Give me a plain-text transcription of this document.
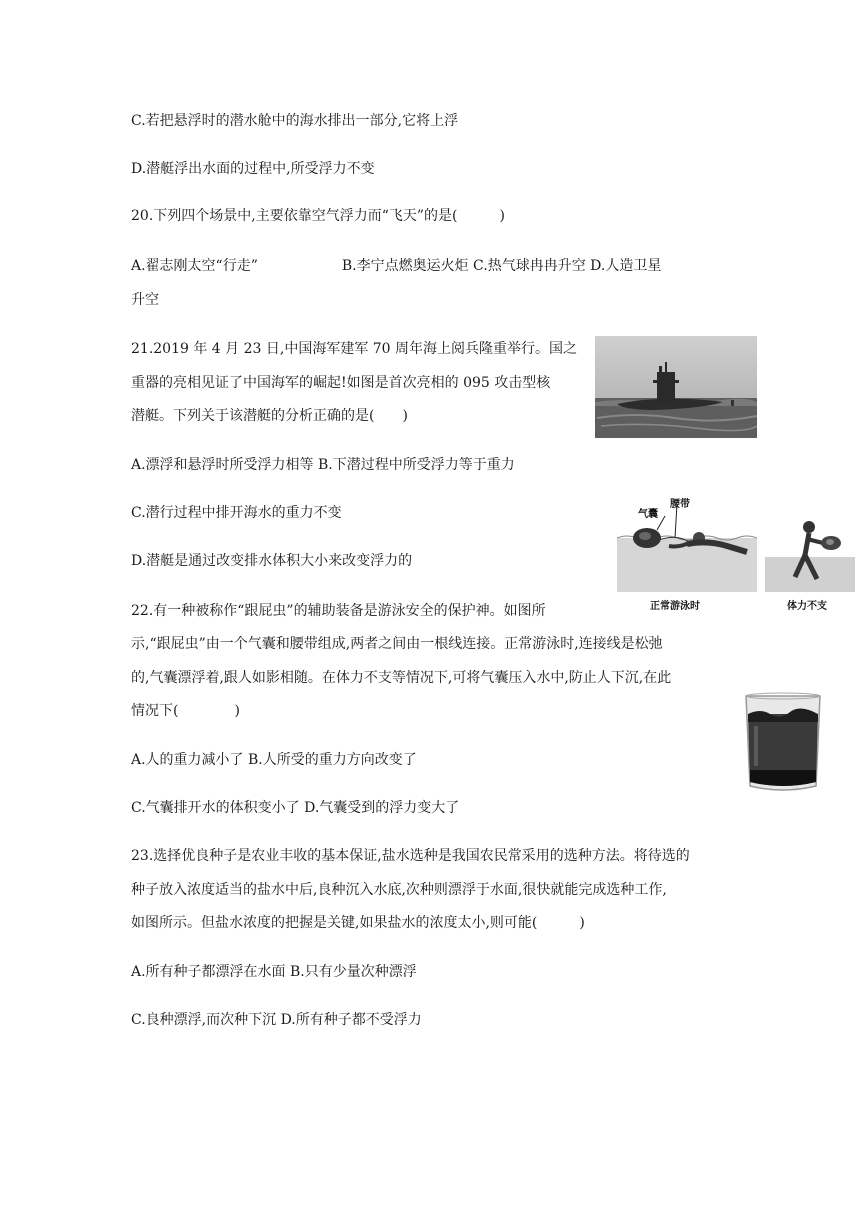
C.若把悬浮时的潜水舱中的海水排出一部分,它将上浮
D.潜艇浮出水面的过程中,所受浮力不变
20.下列四个场景中,主要依靠空气浮力而“飞天”的是(　　　)
A.翟志刚太空“行走”　　　　　　B.李宁点燃奥运火炬 C.热气球冉冉升空 D.人造卫星
升空
21.2019 年 4 月 23 日,中国海军建军 70 周年海上阅兵隆重举行。国之
重器的亮相见证了中国海军的崛起!如图是首次亮相的 095 攻击型核
潜艇。下列关于该潜艇的分析正确的是(　　)
A.漂浮和悬浮时所受浮力相等 B.下潜过程中所受浮力等于重力
C.潜行过程中排开海水的重力不变
D.潜艇是通过改变排水体积大小来改变浮力的
22.有一种被称作“跟屁虫”的辅助装备是游泳安全的保护神。如图所
示,“跟屁虫”由一个气囊和腰带组成,两者之间由一根线连接。正常游泳时,连接线是松弛
的,气囊漂浮着,跟人如影相随。在体力不支等情况下,可将气囊压入水中,防止人下沉,在此
情况下(　　　　)
A.人的重力减小了 B.人所受的重力方向改变了
C.气囊排开水的体积变小了 D.气囊受到的浮力变大了
23.选择优良种子是农业丰收的基本保证,盐水选种是我国农民常采用的选种方法。将待选的
种子放入浓度适当的盐水中后,良种沉入水底,次种则漂浮于水面,很快就能完成选种工作,
如图所示。但盐水浓度的把握是关键,如果盐水的浓度太小,则可能(　　　)
A.所有种子都漂浮在水面 B.只有少量次种漂浮
C.良种漂浮,而次种下沉 D.所有种子都不受浮力
气囊
腰带
正常游泳时	体力不支
